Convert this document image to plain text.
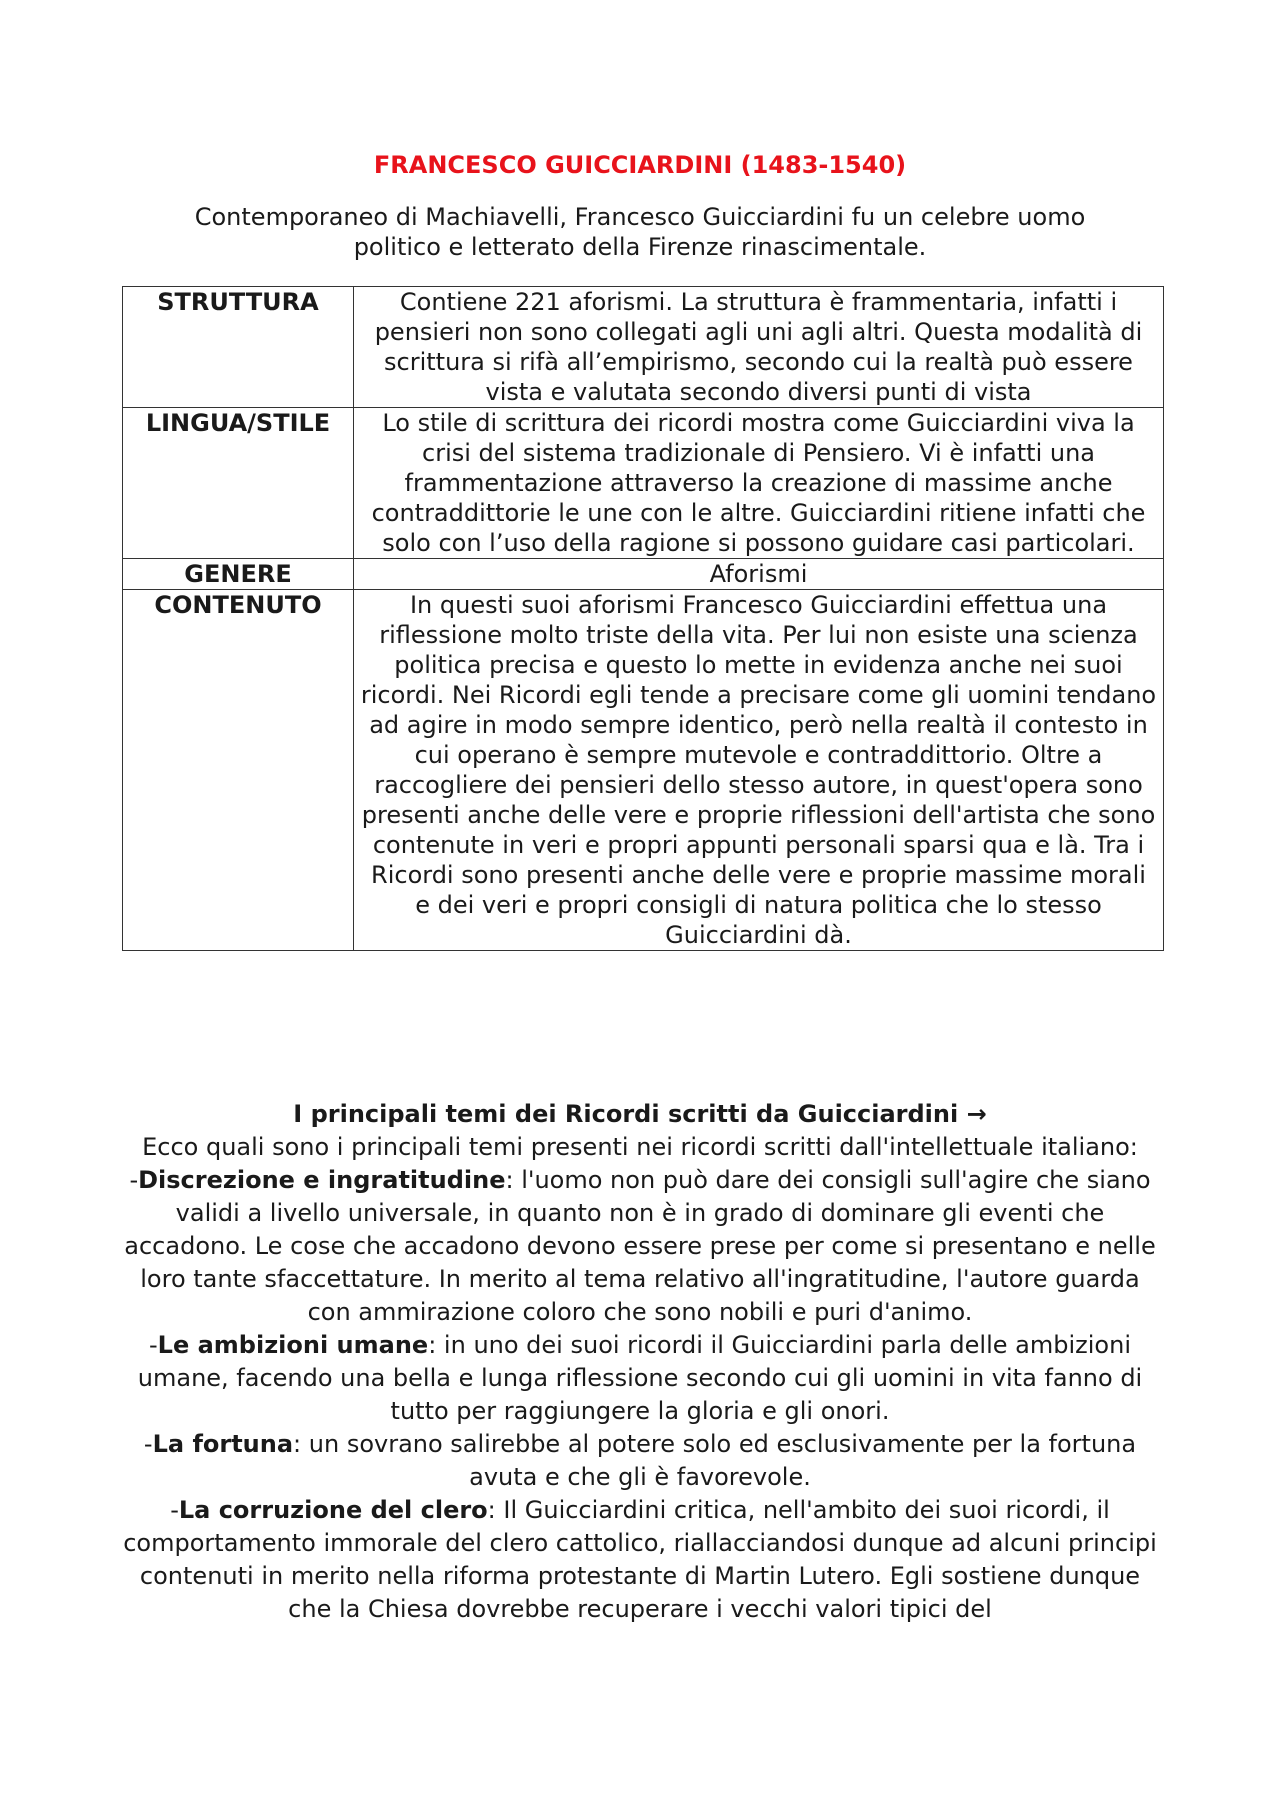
FRANCESCO GUICCIARDINI (1483-1540)
Contemporaneo di Machiavelli, Francesco Guicciardini fu un celebre uomo politico e letterato della Firenze rinascimentale.
STRUTTURA	Contiene 221 aforismi. La struttura è frammentaria, infatti i pensieri non sono collegati agli uni agli altri. Questa modalità di scrittura si rifà all’empirismo, secondo cui la realtà può essere vista e valutata secondo diversi punti di vista
LINGUA/STILE	Lo stile di scrittura dei ricordi mostra come Guicciardini viva la crisi del sistema tradizionale di Pensiero. Vi è infatti una frammentazione attraverso la creazione di massime anche contraddittorie le une con le altre. Guicciardini ritiene infatti che solo con l’uso della ragione si possono guidare casi particolari.
GENERE	Aforismi
CONTENUTO	In questi suoi aforismi Francesco Guicciardini effettua una riflessione molto triste della vita. Per lui non esiste una scienza politica precisa e questo lo mette in evidenza anche nei suoi ricordi. Nei Ricordi egli tende a precisare come gli uomini tendano ad agire in modo sempre identico, però nella realtà il contesto in cui operano è sempre mutevole e contraddittorio. Oltre a raccogliere dei pensieri dello stesso autore, in quest'opera sono presenti anche delle vere e proprie riflessioni dell'artista che sono contenute in veri e propri appunti personali sparsi qua e là. Tra i Ricordi sono presenti anche delle vere e proprie massime morali e dei veri e propri consigli di natura politica che lo stesso Guicciardini dà.
I principali temi dei Ricordi scritti da Guicciardini →

Ecco quali sono i principali temi presenti nei ricordi scritti dall'intellettuale italiano:

-Discrezione e ingratitudine: l'uomo non può dare dei consigli sull'agire che siano validi a livello universale, in quanto non è in grado di dominare gli eventi che accadono. Le cose che accadono devono essere prese per come si presentano e nelle loro tante sfaccettature. In merito al tema relativo all'ingratitudine, l'autore guarda con ammirazione coloro che sono nobili e puri d'animo.

-Le ambizioni umane: in uno dei suoi ricordi il Guicciardini parla delle ambizioni umane, facendo una bella e lunga riflessione secondo cui gli uomini in vita fanno di tutto per raggiungere la gloria e gli onori.

-La fortuna: un sovrano salirebbe al potere solo ed esclusivamente per la fortuna avuta e che gli è favorevole.

-La corruzione del clero: Il Guicciardini critica, nell'ambito dei suoi ricordi, il comportamento immorale del clero cattolico, riallacciandosi dunque ad alcuni principi contenuti in merito nella riforma protestante di Martin Lutero. Egli sostiene dunque che la Chiesa dovrebbe recuperare i vecchi valori tipici del
